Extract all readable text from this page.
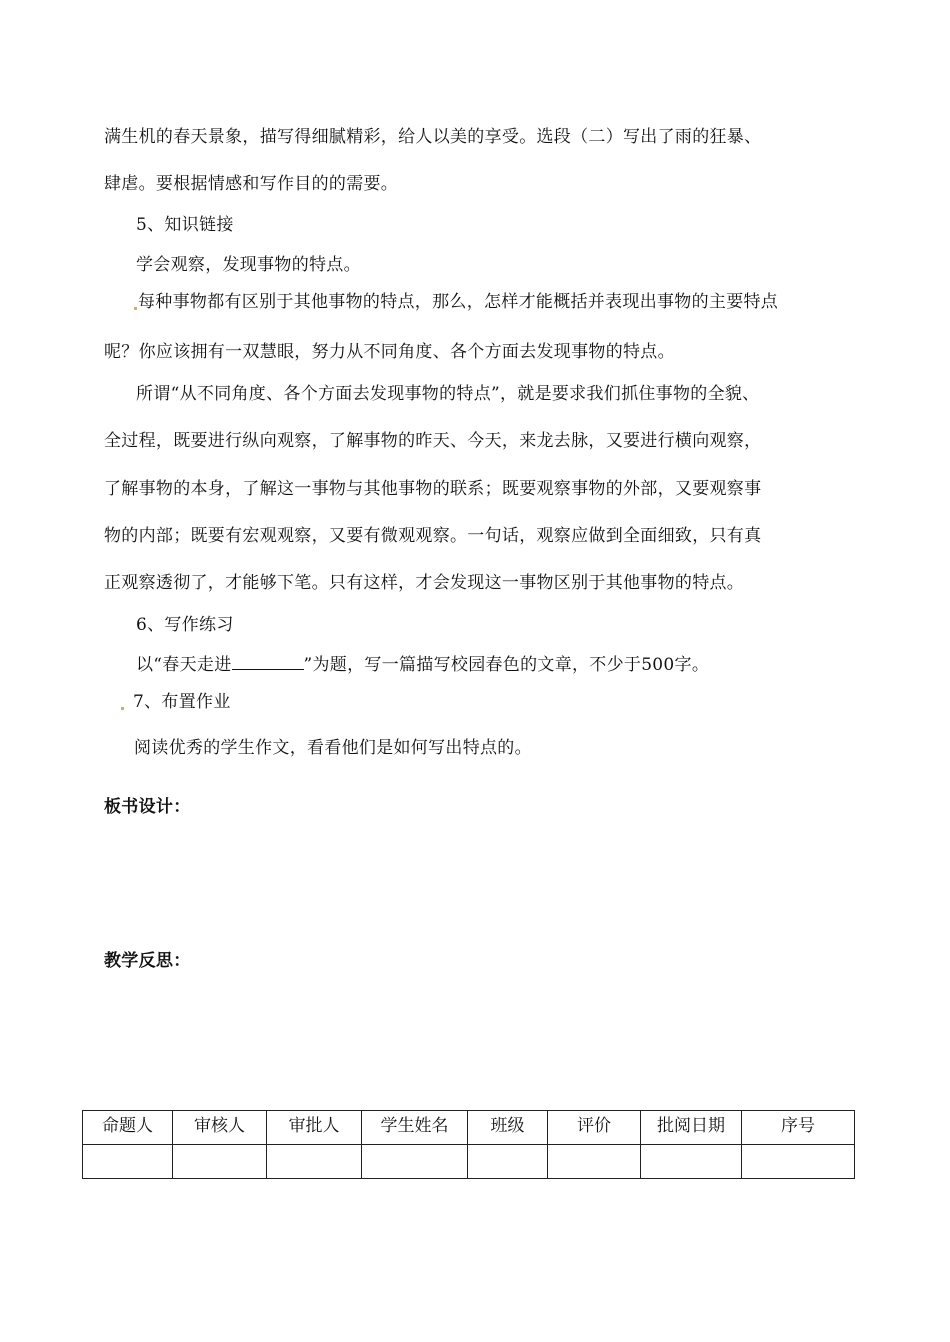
满生机的春天景象，描写得细腻精彩，给人以美的享受。选段（二）写出了雨的狂暴、
肆虐。要根据情感和写作目的的需要。
5、知识链接
学会观察，发现事物的特点。
每种事物都有区别于其他事物的特点，那么，怎样才能概括并表现出事物的主要特点
呢？你应该拥有一双慧眼，努力从不同角度、各个方面去发现事物的特点。
所谓“从不同角度、各个方面去发现事物的特点”，就是要求我们抓住事物的全貌、
全过程，既要进行纵向观察，了解事物的昨天、今天，来龙去脉，又要进行横向观察，
了解事物的本身，了解这一事物与其他事物的联系；既要观察事物的外部，又要观察事
物的内部；既要有宏观观察，又要有微观观察。一句话，观察应做到全面细致，只有真
正观察透彻了，才能够下笔。只有这样，才会发现这一事物区别于其他事物的特点。
6、写作练习
以“春天走进	”为题，写一篇描写校园春色的文章，不少于500字。
7、布置作业
阅读优秀的学生作文，看看他们是如何写出特点的。
板书设计：
教学反思：
命题人	审核人	审批人	学生姓名	班级	评价	批阅日期	序号
